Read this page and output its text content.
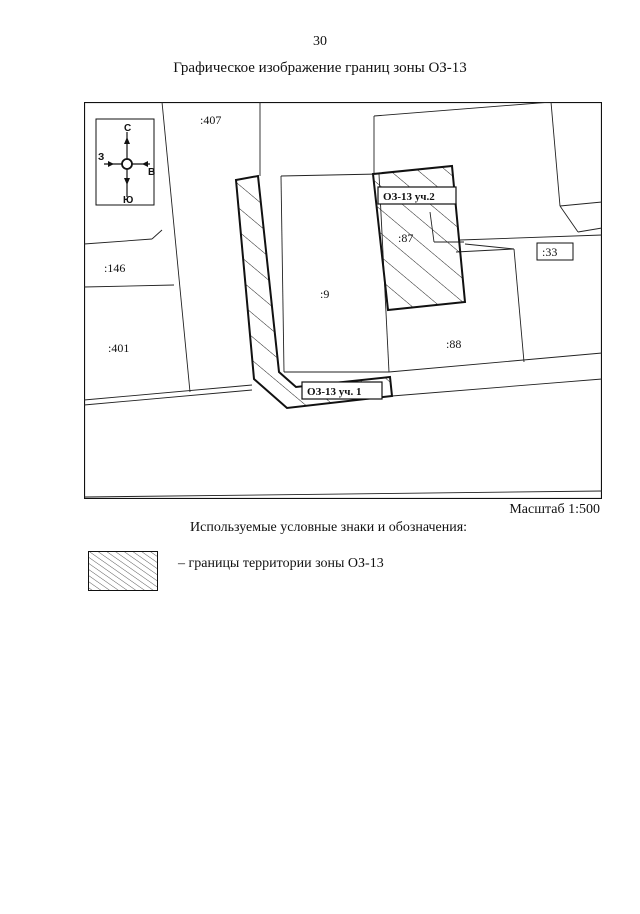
30
Графическое изображение границ зоны ОЗ-13
С
Ю
З
В
:407
:146
:401
:9
:87
:88
:33
ОЗ-13 уч. 1
ОЗ-13 уч.2
Масштаб 1:500
Используемые условные знаки и обозначения:
– границы территории зоны ОЗ-13
